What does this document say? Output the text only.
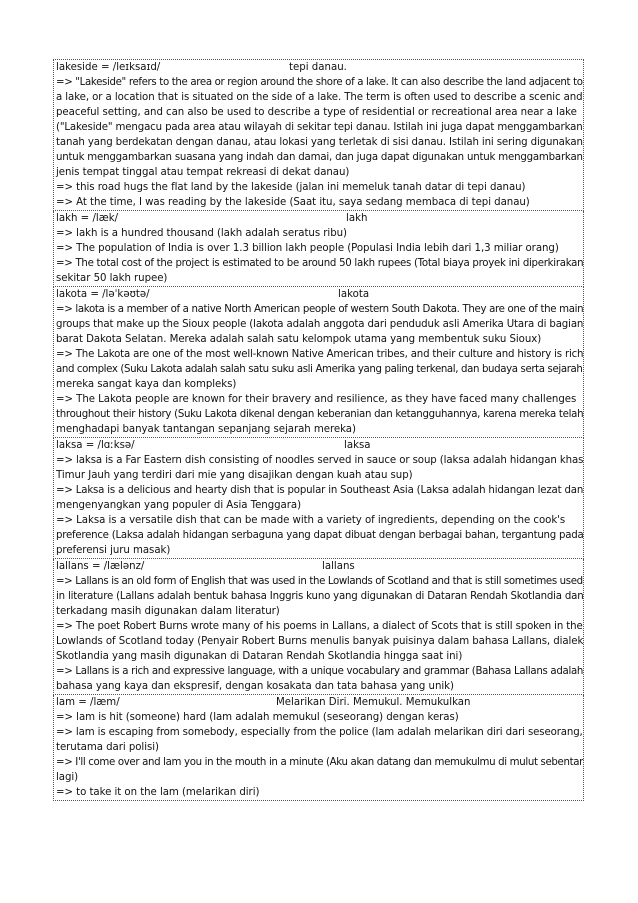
lakeside = /leɪksaɪd/	tepi danau.
=> "Lakeside" refers to the area or region around the shore of a lake. It can also describe the land adjacent to
a lake, or a location that is situated on the side of a lake. The term is often used to describe a scenic and
peaceful setting, and can also be used to describe a type of residential or recreational area near a lake
("Lakeside" mengacu pada area atau wilayah di sekitar tepi danau. Istilah ini juga dapat menggambarkan
tanah yang berdekatan dengan danau, atau lokasi yang terletak di sisi danau. Istilah ini sering digunakan
untuk menggambarkan suasana yang indah dan damai, dan juga dapat digunakan untuk menggambarkan
jenis tempat tinggal atau tempat rekreasi di dekat danau)
=> this road hugs the flat land by the lakeside (jalan ini memeluk tanah datar di tepi danau)
=> At the time, I was reading by the lakeside (Saat itu, saya sedang membaca di tepi danau)
lakh = /læk/	lakh
=> lakh is a hundred thousand (lakh adalah seratus ribu)
=> The population of India is over 1.3 billion lakh people (Populasi India lebih dari 1,3 miliar orang)
=> The total cost of the project is estimated to be around 50 lakh rupees (Total biaya proyek ini diperkirakan
sekitar 50 lakh rupee)
lakota = /ləˈkəʊtə/	lakota
=> lakota is a member of a native North American people of western South Dakota. They are one of the main
groups that make up the Sioux people (lakota adalah anggota dari penduduk asli Amerika Utara di bagian
barat Dakota Selatan. Mereka adalah salah satu kelompok utama yang membentuk suku Sioux)
=> The Lakota are one of the most well-known Native American tribes, and their culture and history is rich
and complex (Suku Lakota adalah salah satu suku asli Amerika yang paling terkenal, dan budaya serta sejarah
mereka sangat kaya dan kompleks)
=> The Lakota people are known for their bravery and resilience, as they have faced many challenges
throughout their history (Suku Lakota dikenal dengan keberanian dan ketangguhannya, karena mereka telah
menghadapi banyak tantangan sepanjang sejarah mereka)
laksa = /lɑːksə/	laksa
=> laksa is a Far Eastern dish consisting of noodles served in sauce or soup (laksa adalah hidangan khas
Timur Jauh yang terdiri dari mie yang disajikan dengan kuah atau sup)
=> Laksa is a delicious and hearty dish that is popular in Southeast Asia (Laksa adalah hidangan lezat dan
mengenyangkan yang populer di Asia Tenggara)
=> Laksa is a versatile dish that can be made with a variety of ingredients, depending on the cook's
preference (Laksa adalah hidangan serbaguna yang dapat dibuat dengan berbagai bahan, tergantung pada
preferensi juru masak)
lallans = /lælənz/	lallans
=> Lallans is an old form of English that was used in the Lowlands of Scotland and that is still sometimes used
in literature (Lallans adalah bentuk bahasa Inggris kuno yang digunakan di Dataran Rendah Skotlandia dan
terkadang masih digunakan dalam literatur)
=> The poet Robert Burns wrote many of his poems in Lallans, a dialect of Scots that is still spoken in the
Lowlands of Scotland today (Penyair Robert Burns menulis banyak puisinya dalam bahasa Lallans, dialek
Skotlandia yang masih digunakan di Dataran Rendah Skotlandia hingga saat ini)
=> Lallans is a rich and expressive language, with a unique vocabulary and grammar (Bahasa Lallans adalah
bahasa yang kaya dan ekspresif, dengan kosakata dan tata bahasa yang unik)
lam = /læm/	Melarikan Diri. Memukul. Memukulkan
=> lam is hit (someone) hard (lam adalah memukul (seseorang) dengan keras)
=> lam is escaping from somebody, especially from the police (lam adalah melarikan diri dari seseorang,
terutama dari polisi)
=> I'll come over and lam you in the mouth in a minute (Aku akan datang dan memukulmu di mulut sebentar
lagi)
=> to take it on the lam (melarikan diri)
